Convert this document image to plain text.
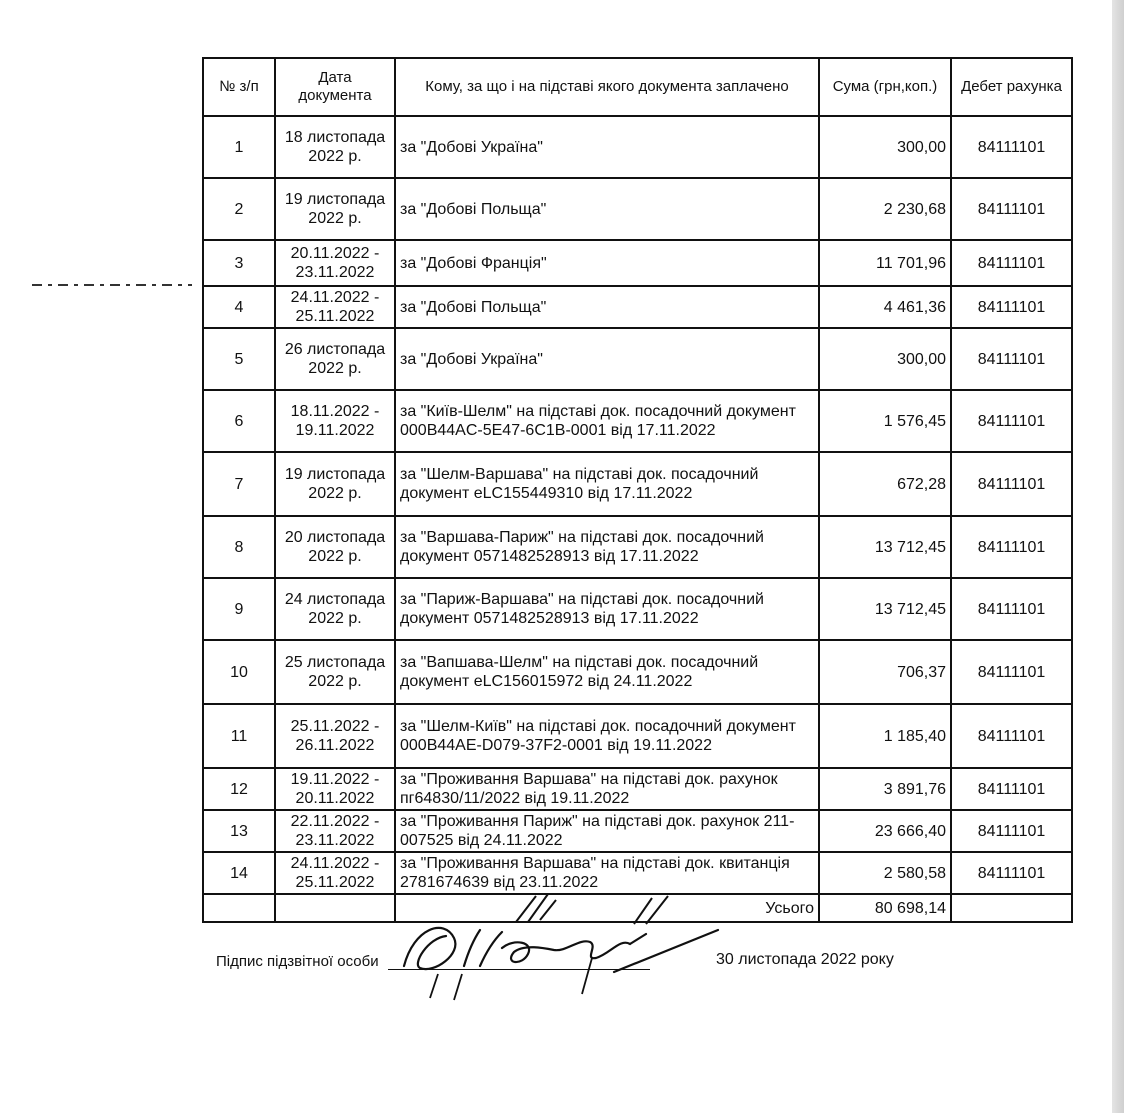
№ з/п	Дата документа	Кому, за що і на підставі якого документа заплачено	Сума (грн,коп.)	Дебет рахунка
1	18 листопада 2022 р.	за "Добові Україна"	300,00	84111101
2	19 листопада 2022 р.	за "Добові Польща"	2 230,68	84111101
3	20.11.2022 - 23.11.2022	за "Добові Франція"	11 701,96	84111101
4	24.11.2022 - 25.11.2022	за "Добові Польща"	4 461,36	84111101
5	26 листопада 2022 р.	за "Добові Україна"	300,00	84111101
6	18.11.2022 - 19.11.2022	за "Київ-Шелм" на підставі док. посадочний документ 000B44AC-5E47-6C1B-0001 від 17.11.2022	1 576,45	84111101
7	19 листопада 2022 р.	за "Шелм-Варшава" на підставі док. посадочний документ eLC155449310 від 17.11.2022	672,28	84111101
8	20 листопада 2022 р.	за "Варшава-Париж" на підставі док. посадочний документ 0571482528913 від 17.11.2022	13 712,45	84111101
9	24 листопада 2022 р.	за "Париж-Варшава" на підставі док. посадочний документ 0571482528913 від 17.11.2022	13 712,45	84111101
10	25 листопада 2022 р.	за "Вапшава-Шелм" на підставі док. посадочний документ eLC156015972 від 24.11.2022	706,37	84111101
11	25.11.2022 - 26.11.2022	за "Шелм-Київ" на підставі док. посадочний документ 000B44AE-D079-37F2-0001 від 19.11.2022	1 185,40	84111101
12	19.11.2022 - 20.11.2022	за "Проживання Варшава" на підставі док. рахунок пг64830/11/2022 від 19.11.2022	3 891,76	84111101
13	22.11.2022 - 23.11.2022	за "Проживання Париж" на підставі док. рахунок 211-007525 від 24.11.2022	23 666,40	84111101
14	24.11.2022 - 25.11.2022	за "Проживання Варшава" на підставі док. квитанція 2781674639 від 23.11.2022	2 580,58	84111101
		Усього	80 698,14	
Підпис підзвітної особи	30 листопада 2022 року
